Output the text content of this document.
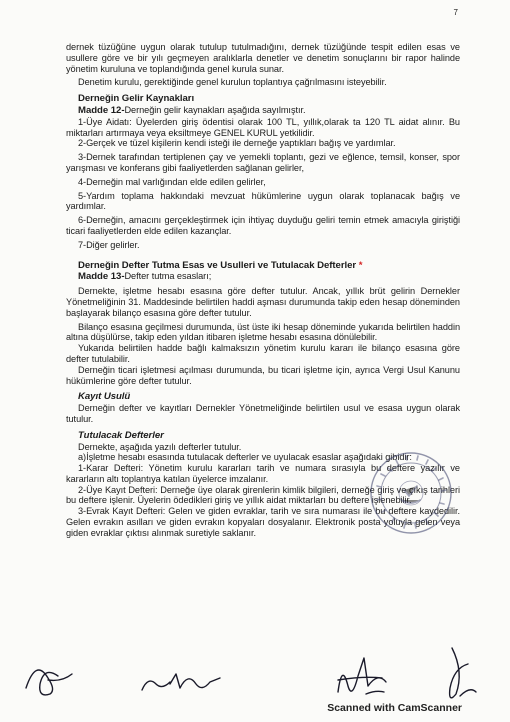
7

dernek tüzüğüne uygun olarak tutulup tutulmadığını, dernek tüzüğünde tespit edilen esas ve usullere göre ve bir yılı geçmeyen aralıklarla denetler ve denetim sonuçlarını bir rapor halinde yönetim kuruluna ve toplandığında genel kurula sunar.

Denetim kurulu, gerektiğinde genel kurulun toplantıya çağrılmasını isteyebilir.

Derneğin Gelir Kaynakları

Madde 12-Derneğin gelir kaynakları aşağıda sayılmıştır.

1-Üye Aidatı: Üyelerden giriş ödentisi olarak 100 TL, yıllık,olarak ta 120 TL aidat alınır. Bu miktarları artırmaya veya eksiltmeye GENEL KURUL yetkilidir.

2-Gerçek ve tüzel kişilerin kendi isteği ile derneğe yaptıkları bağış ve yardımlar.

3-Dernek tarafından tertiplenen çay ve yemekli toplantı, gezi ve eğlence, temsil, konser, spor yarışması ve konferans gibi faaliyetlerden sağlanan gelirler,

4-Derneğin mal varlığından elde edilen gelirler,

5-Yardım toplama hakkındaki mevzuat hükümlerine uygun olarak toplanacak bağış ve yardımlar.

6-Derneğin, amacını gerçekleştirmek için ihtiyaç duyduğu geliri temin etmek amacıyla giriştiği ticari faaliyetlerden elde edilen kazançlar.

7-Diğer gelirler.

Derneğin Defter Tutma Esas ve Usulleri ve Tutulacak Defterler *

Madde 13-Defter tutma esasları;

Dernekte, işletme hesabı esasına göre defter tutulur. Ancak, yıllık brüt gelirin Dernekler Yönetmeliğinin 31. Maddesinde belirtilen haddi aşması durumunda takip eden hesap döneminden başlayarak bilanço esasına göre defter tutulur.

Bilanço esasına geçilmesi durumunda, üst üste iki hesap döneminde yukarıda belirtilen haddin altına düşülürse, takip eden yıldan itibaren işletme hesabı esasına dönülebilir.

Yukarıda belirtilen hadde bağlı kalmaksızın yönetim kurulu kararı ile bilanço esasına göre defter tutulabilir.

Derneğin ticari işletmesi açılması durumunda, bu ticari işletme için, ayrıca Vergi Usul Kanunu hükümlerine göre defter tutulur.

Kayıt Usulü

Derneğin defter ve kayıtları Dernekler Yönetmeliğinde belirtilen usul ve esasa uygun olarak tutulur.

Tutulacak Defterler

Dernekte, aşağıda yazılı defterler tutulur.

a)İşletme hesabı esasında tutulacak defterler ve uyulacak esaslar aşağıdaki gibidir:

1-Karar Defteri: Yönetim kurulu kararları tarih ve numara sırasıyla bu deftere yazılır ve kararların altı toplantıya katılan üyelerce imzalanır.

2-Üye Kayıt Defteri: Derneğe üye olarak girenlerin kimlik bilgileri, derneğe giriş ve çıkış tarihleri bu deftere işlenir. Üyelerin ödedikleri giriş ve yıllık aidat miktarları bu deftere işlenebilir.

3-Evrak Kayıt Defteri: Gelen ve giden evraklar, tarih ve sıra numarası ile bu deftere kaydedilir. Gelen evrakın asılları ve giden evrakın kopyaları dosyalanır. Elektronik posta yoluyla gelen veya giden evraklar çıktısı alınmak suretiyle saklanır.

Scanned with CamScanner
